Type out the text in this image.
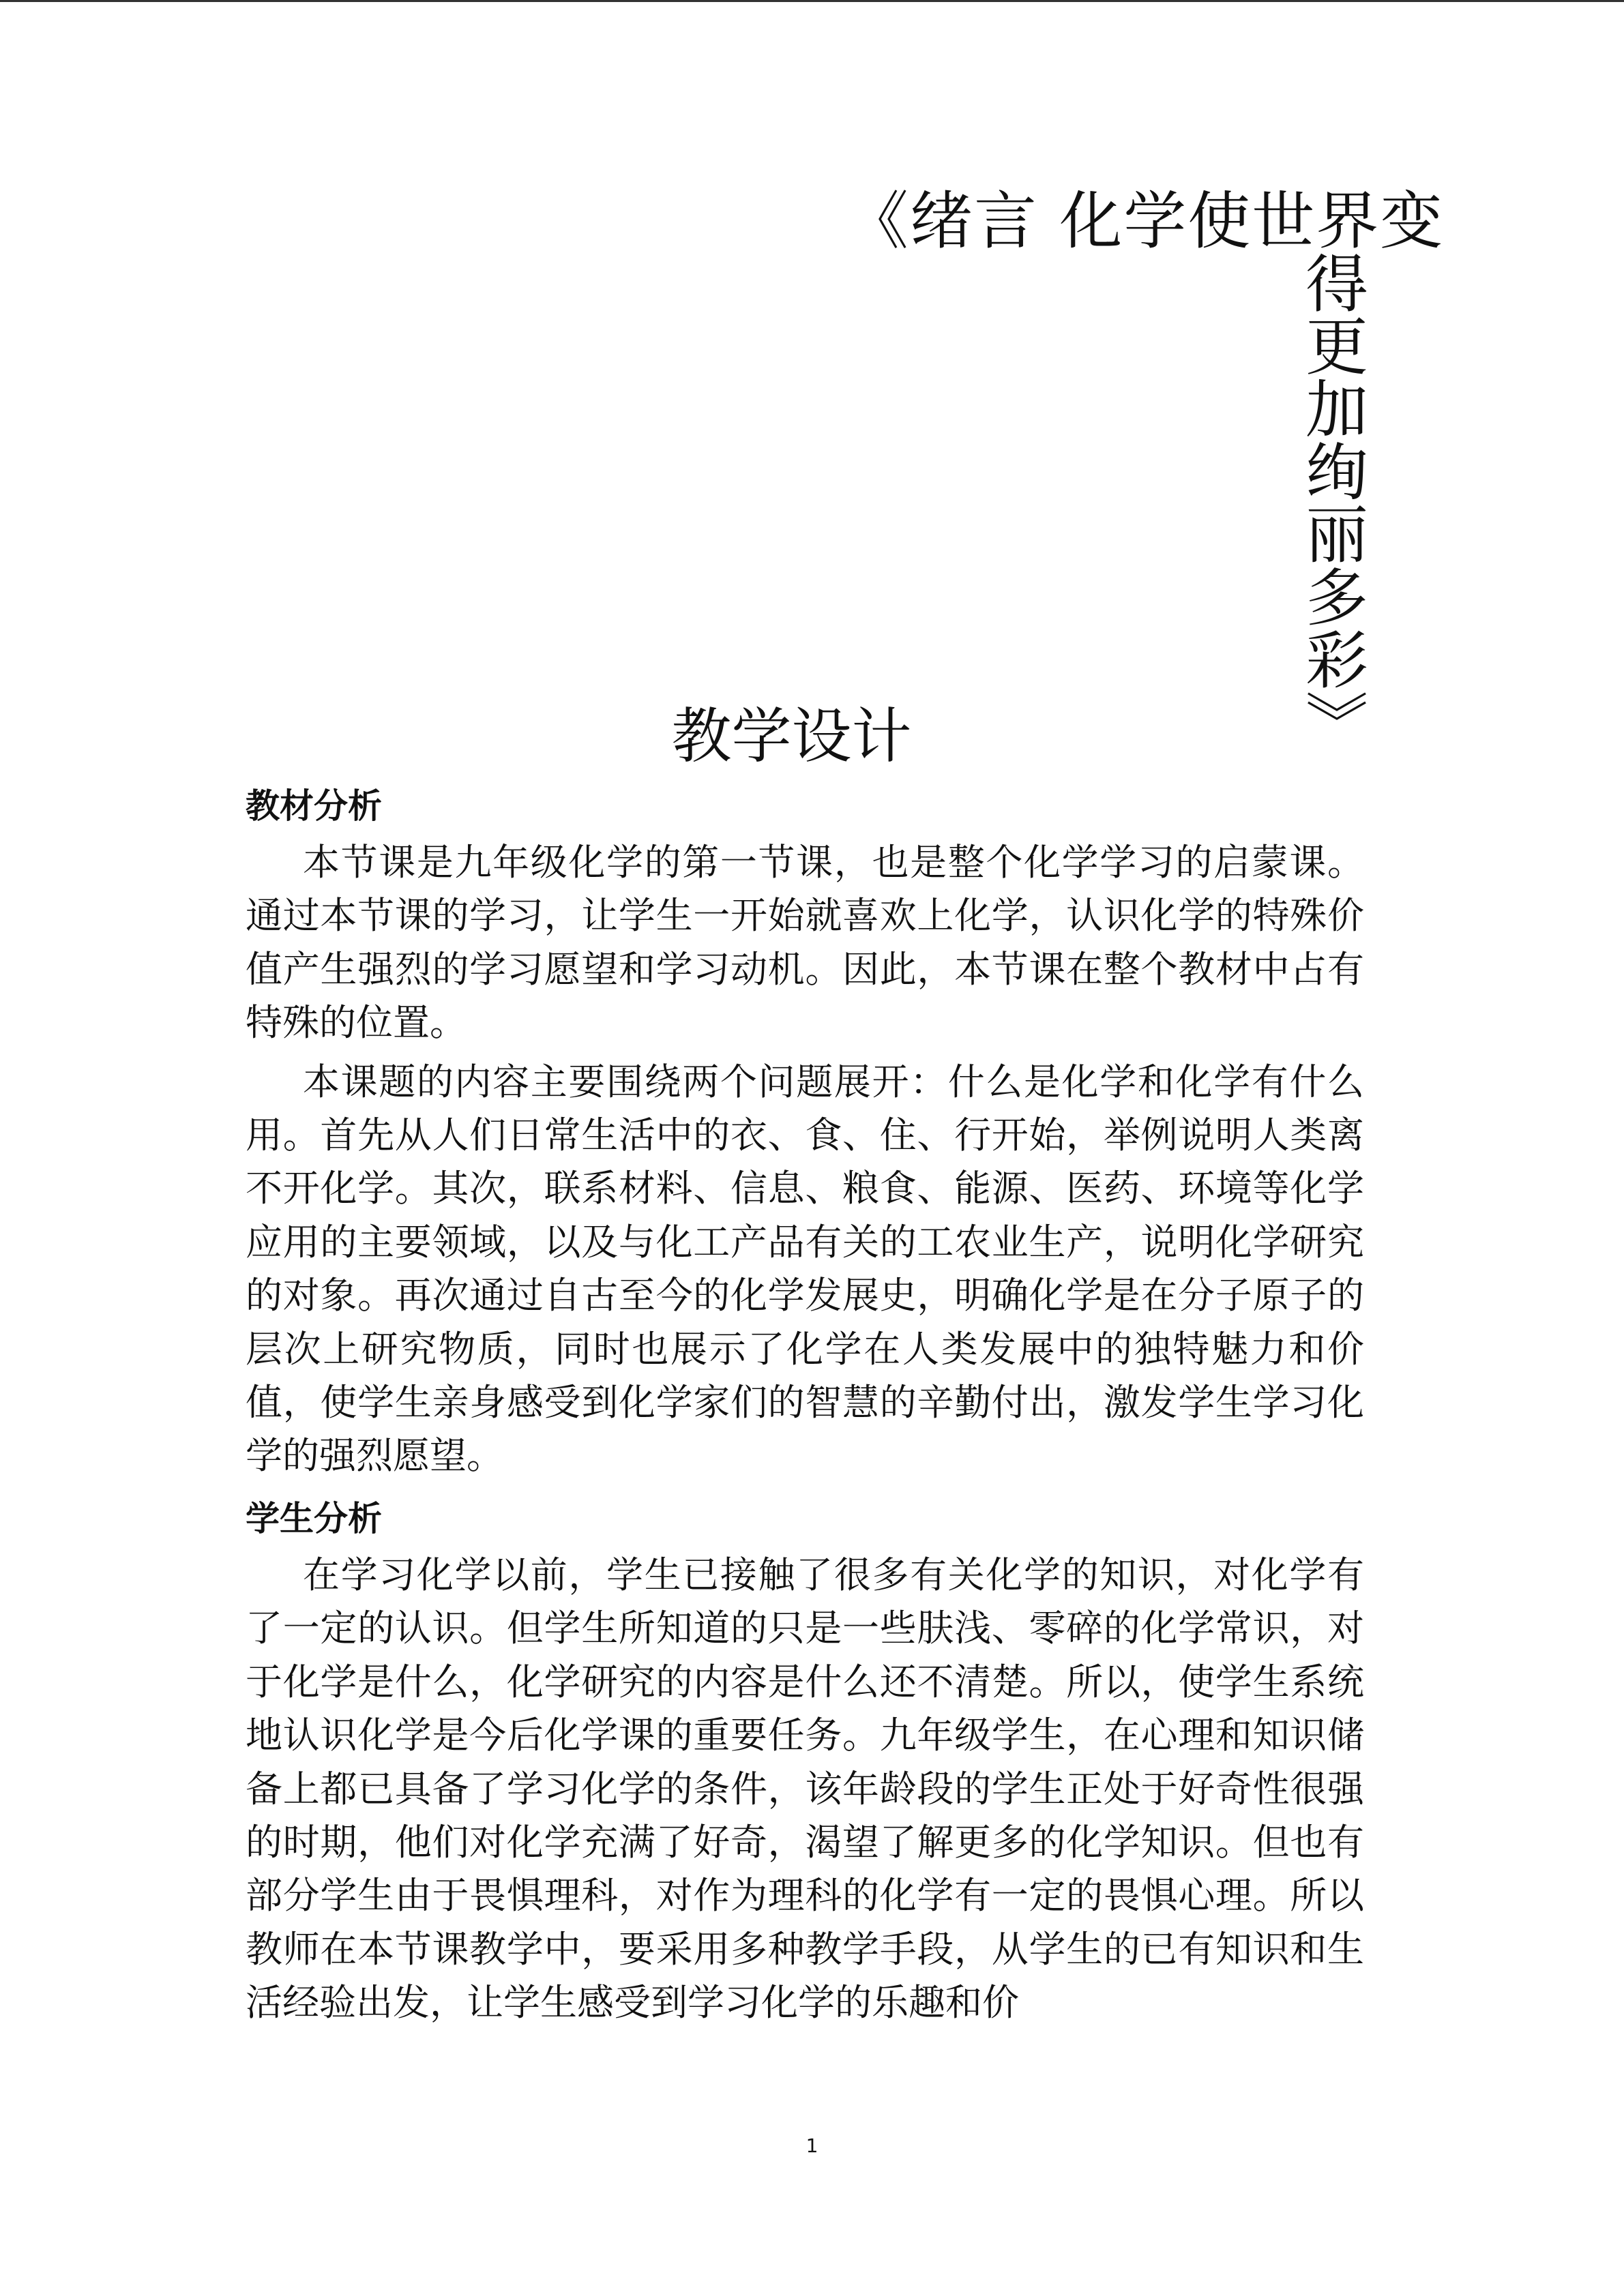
《绪言 化学使世界变
得更加绚丽多彩》
教学设计
教材分析

本节课是九年级化学的第一节课，也是整个化学学习的启蒙课。通过本节课的学习，让学生一开始就喜欢上化学，认识化学的特殊价值产生强烈的学习愿望和学习动机。因此，本节课在整个教材中占有特殊的位置。

本课题的内容主要围绕两个问题展开：什么是化学和化学有什么用。首先从人们日常生活中的衣、食、住、行开始，举例说明人类离不开化学。其次，联系材料、信息、粮食、能源、医药、环境等化学应用的主要领域，以及与化工产品有关的工农业生产，说明化学研究的对象。再次通过自古至今的化学发展史，明确化学是在分子原子的层次上研究物质，同时也展示了化学在人类发展中的独特魅力和价值，使学生亲身感受到化学家们的智慧的辛勤付出，激发学生学习化学的强烈愿望。

学生分析

在学习化学以前，学生已接触了很多有关化学的知识，对化学有了一定的认识。但学生所知道的只是一些肤浅、零碎的化学常识，对于化学是什么，化学研究的内容是什么还不清楚。所以，使学生系统地认识化学是今后化学课的重要任务。九年级学生，在心理和知识储备上都已具备了学习化学的条件，该年龄段的学生正处于好奇性很强的时期，他们对化学充满了好奇，渴望了解更多的化学知识。但也有部分学生由于畏惧理科，对作为理科的化学有一定的畏惧心理。所以教师在本节课教学中，要采用多种教学手段，从学生的已有知识和生活经验出发，让学生感受到学习化学的乐趣和价

1
